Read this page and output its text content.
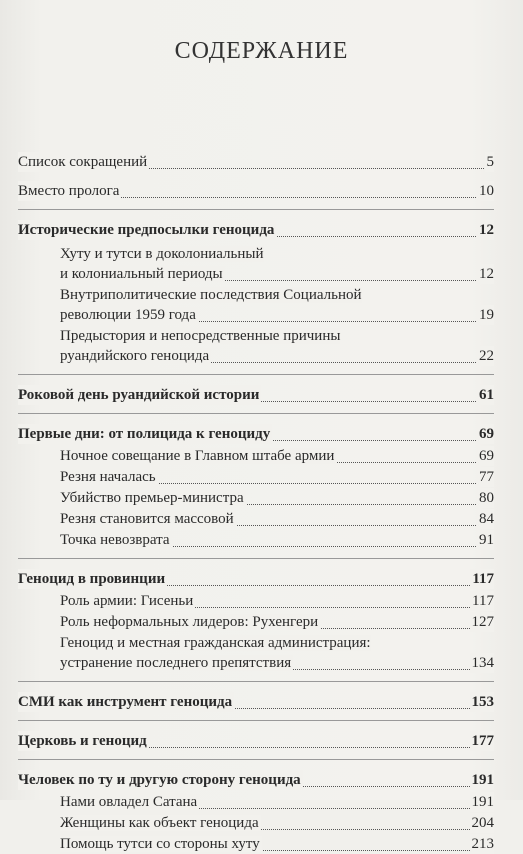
СОДЕРЖАНИЕ
Список сокращений	5
Вместо пролога	10
Исторические предпосылки геноцида	12
Хуту и тутси в доколониальный
и колониальный периоды	12
Внутриполитические последствия Социальной
революции 1959 года	19
Предыстория и непосредственные причины
руандийского геноцида	22
Роковой день руандийской истории	61
Первые дни: от полицида к геноциду	69
Ночное совещание в Главном штабе армии	69
Резня началась	77
Убийство премьер-министра	80
Резня становится массовой	84
Точка невозврата	91
Геноцид в провинции	117
Роль армии: Гисеньи	117
Роль неформальных лидеров: Рухенгери	127
Геноцид и местная гражданская администрация:
устранение последнего препятствия	134
СМИ как инструмент геноцида	153
Церковь и геноцид	177
Человек по ту и другую сторону геноцида	191
Нами овладел Сатана	191
Женщины как объект геноцида	204
Помощь тутси со стороны хуту	213
